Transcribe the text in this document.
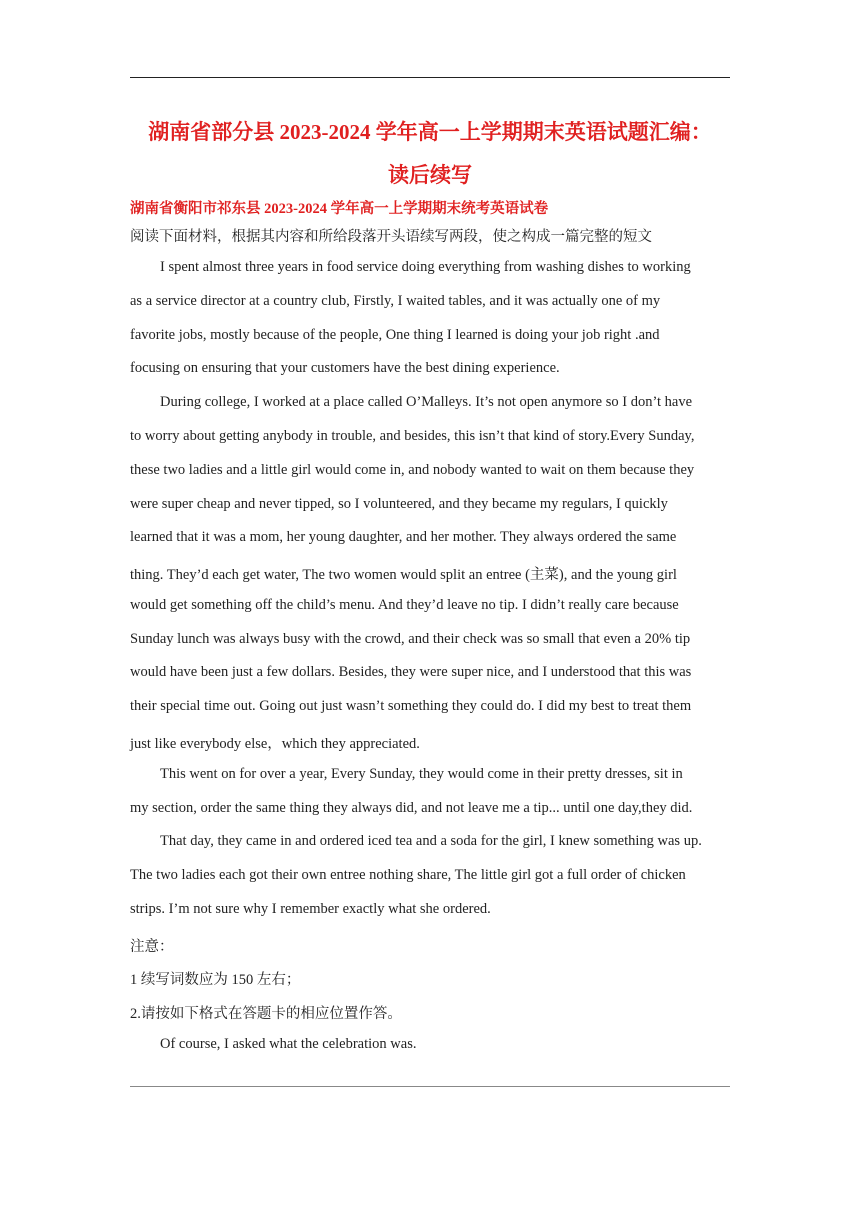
湖南省部分县 2023-2024 学年高一上学期期末英语试题汇编：
读后续写
湖南省衡阳市祁东县 2023-2024 学年高一上学期期末统考英语试卷
阅读下面材料，根据其内容和所给段落开头语续写两段，使之构成一篇完整的短文
I spent almost three years in food service doing everything from washing dishes to working
as a service director at a country club, Firstly, I waited tables, and it was actually one of my
favorite jobs, mostly because of the people, One thing I learned is doing your job right .and
focusing on ensuring that your customers have the best dining experience.
During college, I worked at a place called O’Malleys. It’s not open anymore so I don’t have
to worry about getting anybody in trouble, and besides, this isn’t that kind of story.Every Sunday,
these two ladies and a little girl would come in, and nobody wanted to wait on them because they
were super cheap and never tipped, so I volunteered, and they became my regulars, I quickly
learned that it was a mom, her young daughter, and her mother. They always ordered the same
thing. They’d each get water, The two women would split an entree (主菜), and the young girl
would get something off the child’s menu. And they’d leave no tip. I didn’t really care because
Sunday lunch was always busy with the crowd, and their check was so small that even a 20% tip
would have been just a few dollars. Besides, they were super nice, and I understood that this was
their special time out. Going out just wasn’t something they could do. I did my best to treat them
just like everybody else，which they appreciated.
This went on for over a year, Every Sunday, they would come in their pretty dresses, sit in
my section, order the same thing they always did, and not leave me a tip... until one day,they did.
That day, they came in and ordered iced tea and a soda for the girl, I knew something was up.
The two ladies each got their own entree nothing share, The little girl got a full order of chicken
strips. I’m not sure why I remember exactly what she ordered.
注意：
1 续写词数应为 150 左右；
2.请按如下格式在答题卡的相应位置作答。
Of course, I asked what the celebration was.
